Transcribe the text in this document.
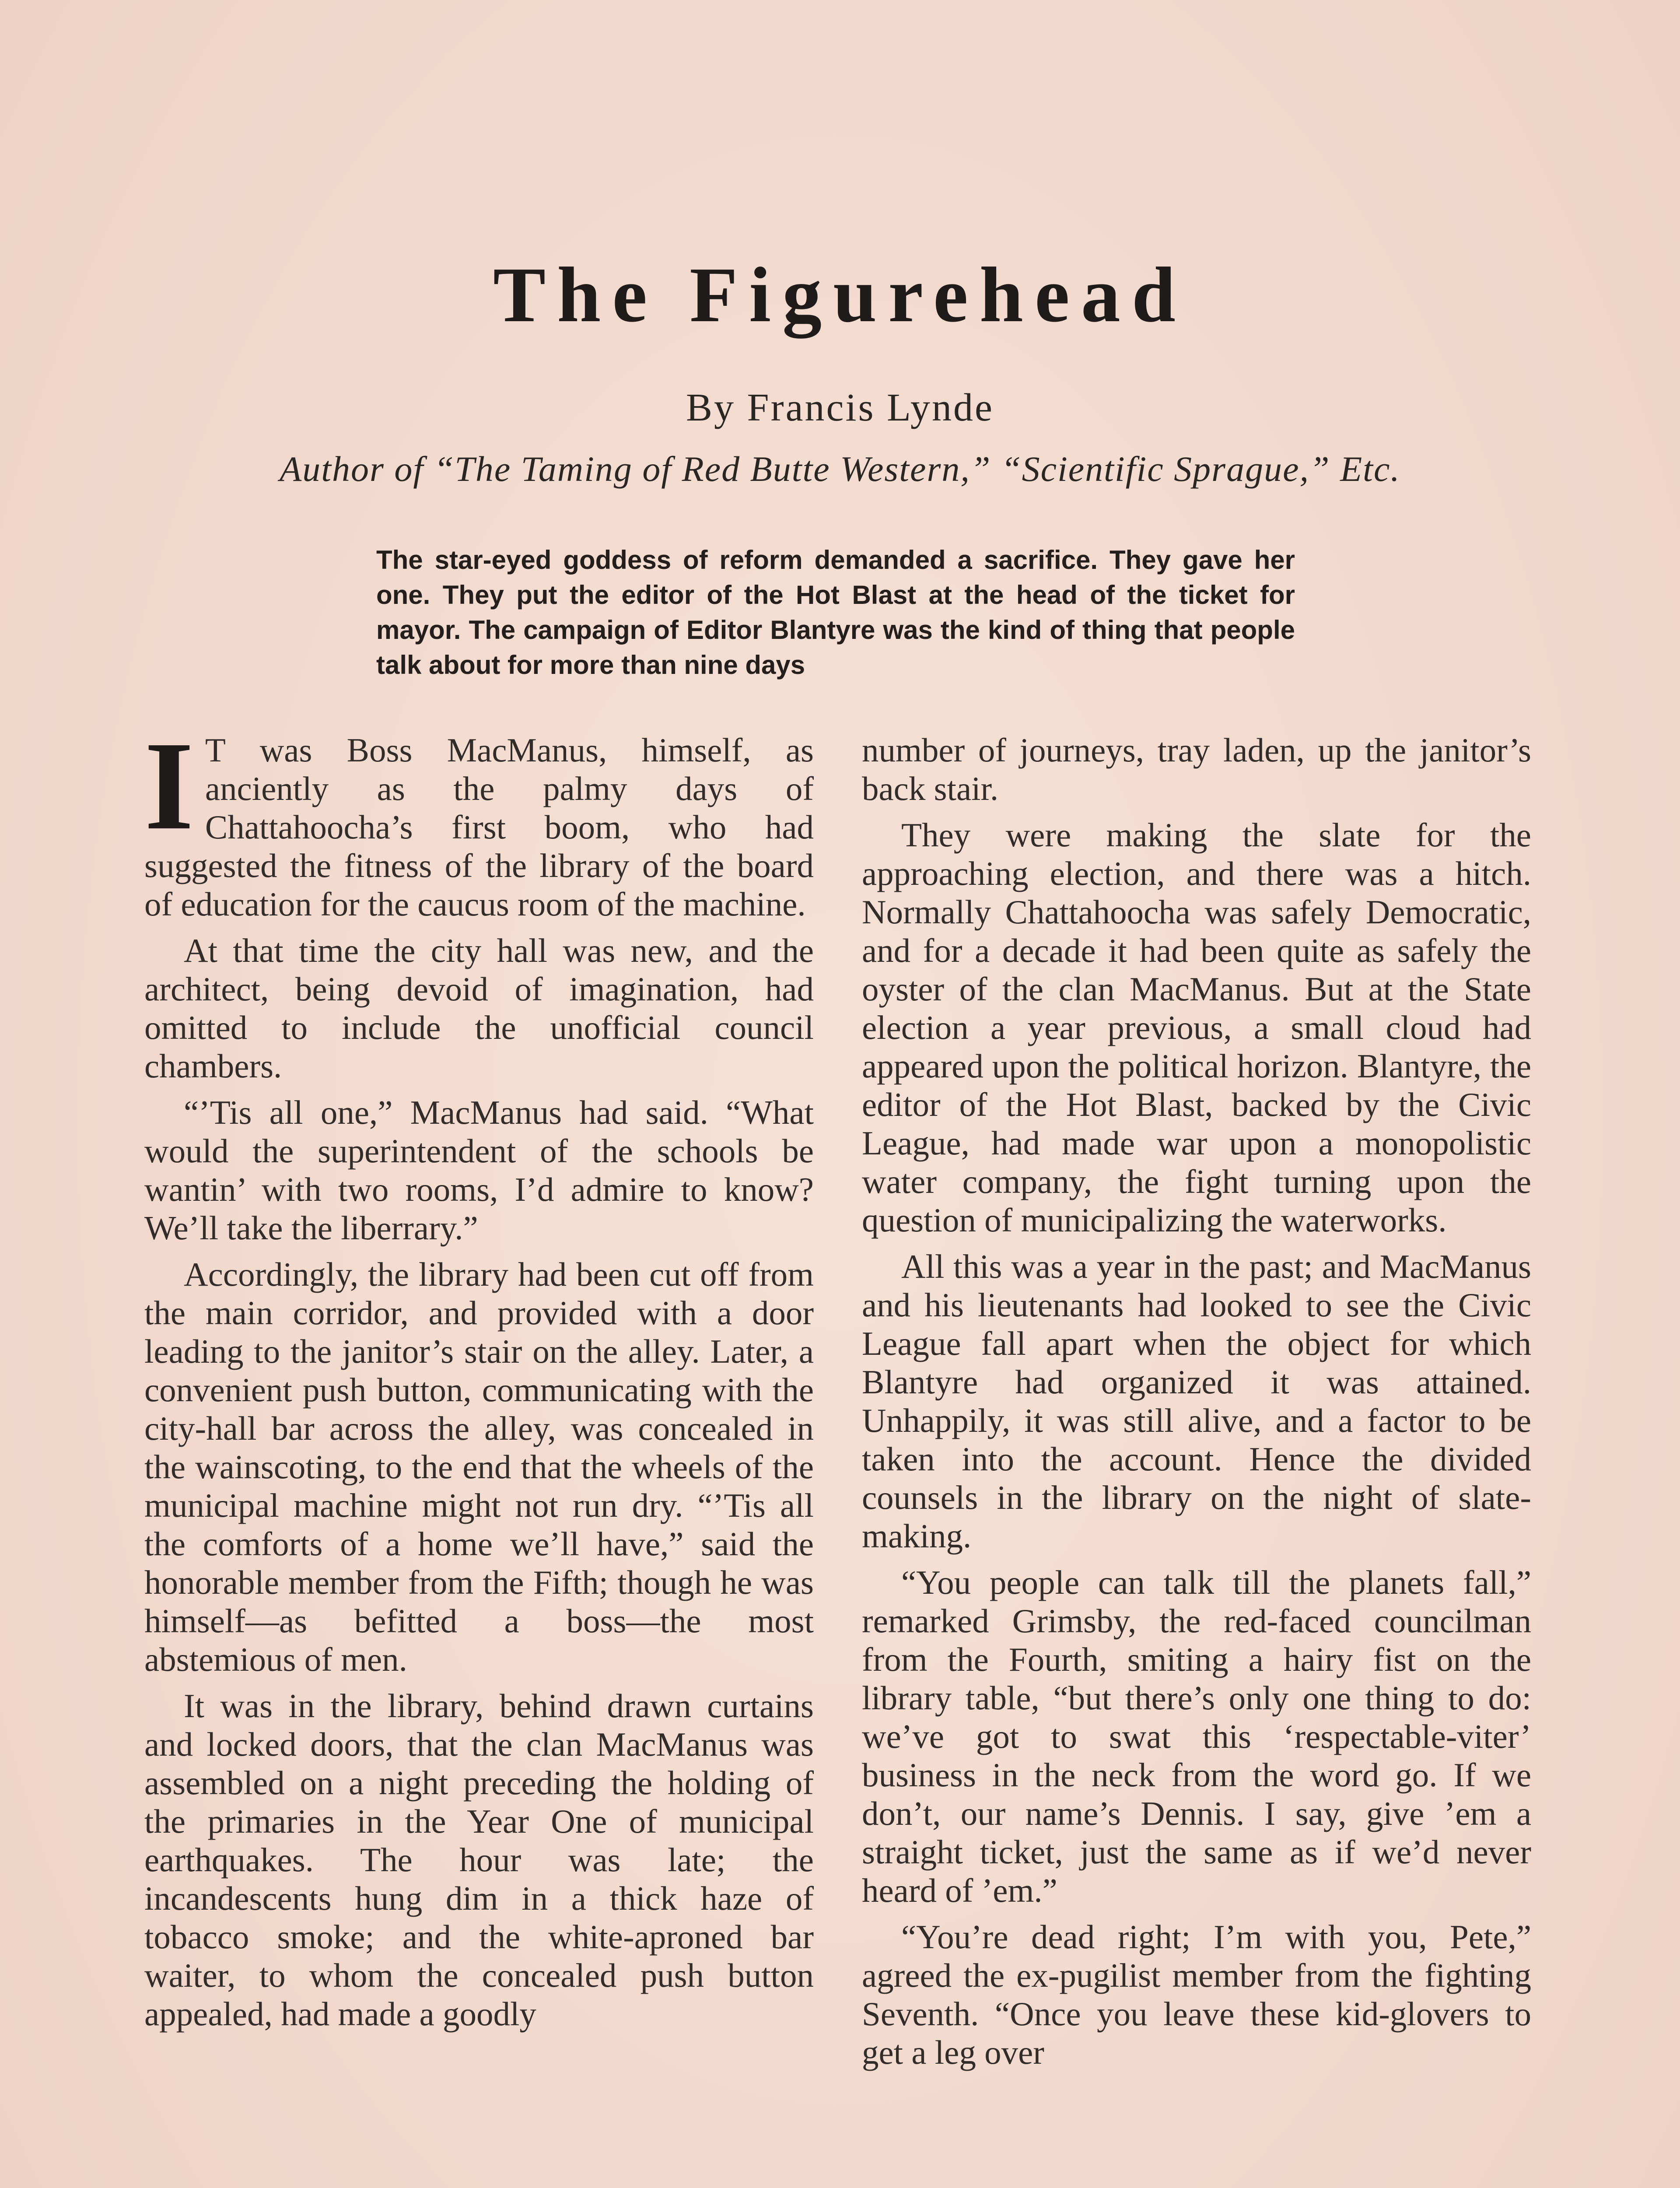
The Figurehead
By Francis Lynde
Author of “The Taming of Red Butte Western,” “Scientific Sprague,” Etc.
The star-eyed goddess of reform demanded a sacrifice. They gave her one. They put the editor of the Hot Blast at the head of the ticket for mayor. The campaign of Editor Blantyre was the kind of thing that people talk about for more than nine days

I T was Boss MacManus, himself, as anciently as the palmy days of Chattahoocha’s first boom, who had suggested the fitness of the library of the board of education for the caucus room of the machine.

At that time the city hall was new, and the architect, being devoid of imagination, had omitted to include the unofficial council chambers.

“’Tis all one,” MacManus had said. “What would the superintendent of the schools be wantin’ with two rooms, I’d admire to know? We’ll take the liberrary.”

Accordingly, the library had been cut off from the main corridor, and provided with a door leading to the janitor’s stair on the alley. Later, a convenient push button, communicating with the city-hall bar across the alley, was concealed in the wainscoting, to the end that the wheels of the municipal machine might not run dry. “’Tis all the comforts of a home we’ll have,” said the honorable member from the Fifth; though he was himself—as befitted a boss—the most abstemious of men.

It was in the library, behind drawn curtains and locked doors, that the clan MacManus was assembled on a night preceding the holding of the primaries in the Year One of municipal earthquakes. The hour was late; the incandescents hung dim in a thick haze of tobacco smoke; and the white-aproned bar waiter, to whom the concealed push button appealed, had made a goodly

number of journeys, tray laden, up the janitor’s back stair.

They were making the slate for the approaching election, and there was a hitch. Normally Chattahoocha was safely Democratic, and for a decade it had been quite as safely the oyster of the clan MacManus. But at the State election a year previous, a small cloud had appeared upon the political horizon. Blantyre, the editor of the Hot Blast, backed by the Civic League, had made war upon a monopolistic water company, the fight turning upon the question of municipalizing the waterworks.

All this was a year in the past; and MacManus and his lieutenants had looked to see the Civic League fall apart when the object for which Blantyre had organized it was attained. Unhappily, it was still alive, and a factor to be taken into the account. Hence the divided counsels in the library on the night of slate-making.

“You people can talk till the planets fall,” remarked Grimsby, the red-faced councilman from the Fourth, smiting a hairy fist on the library table, “but there’s only one thing to do: we’ve got to swat this ‘respectable-viter’ business in the neck from the word go. If we don’t, our name’s Dennis. I say, give ’em a straight ticket, just the same as if we’d never heard of ’em.”

“You’re dead right; I’m with you, Pete,” agreed the ex-pugilist member from the fighting Seventh. “Once you leave these kid-glovers to get a leg over
